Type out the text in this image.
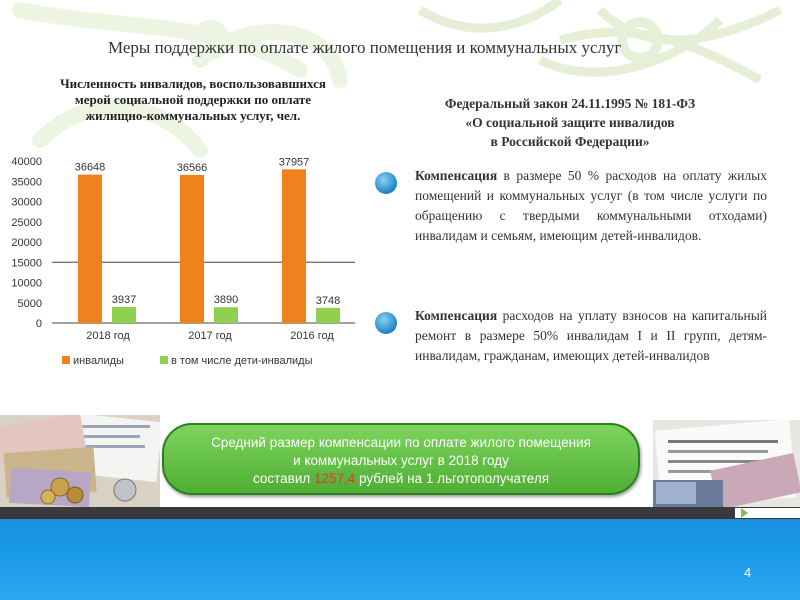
Меры поддержки по оплате жилого помещения и коммунальных услуг
Численность инвалидов, воспользовавшихся мерой социальной поддержки по оплате жилищно-коммунальных услуг, чел.
0
5000
10000
15000
20000
25000
30000
35000
40000	36648
3937
2018 год
36566
3890
2017 год
37957
3748
2016 год
инвалиды	в том числе дети-инвалиды
Федеральный закон 24.11.1995 № 181-ФЗ
«О социальной защите инвалидов
в Российской Федерации»
Компенсация в размере 50 % расходов на оплату жилых помещений и коммунальных услуг (в том числе услуги по обращению с твердыми коммунальными отходами) инвалидам и семьям, имеющим детей-инвалидов.
Компенсация расходов на уплату взносов на капитальный ремонт в размере 50% инвалидам I и II групп, детям-инвалидам, гражданам, имеющих детей-инвалидов
Средний размер компенсации по оплате жилого помещения
и коммунальных услуг в 2018 году
составил 1257,4 рублей на 1 льготополучателя
4
